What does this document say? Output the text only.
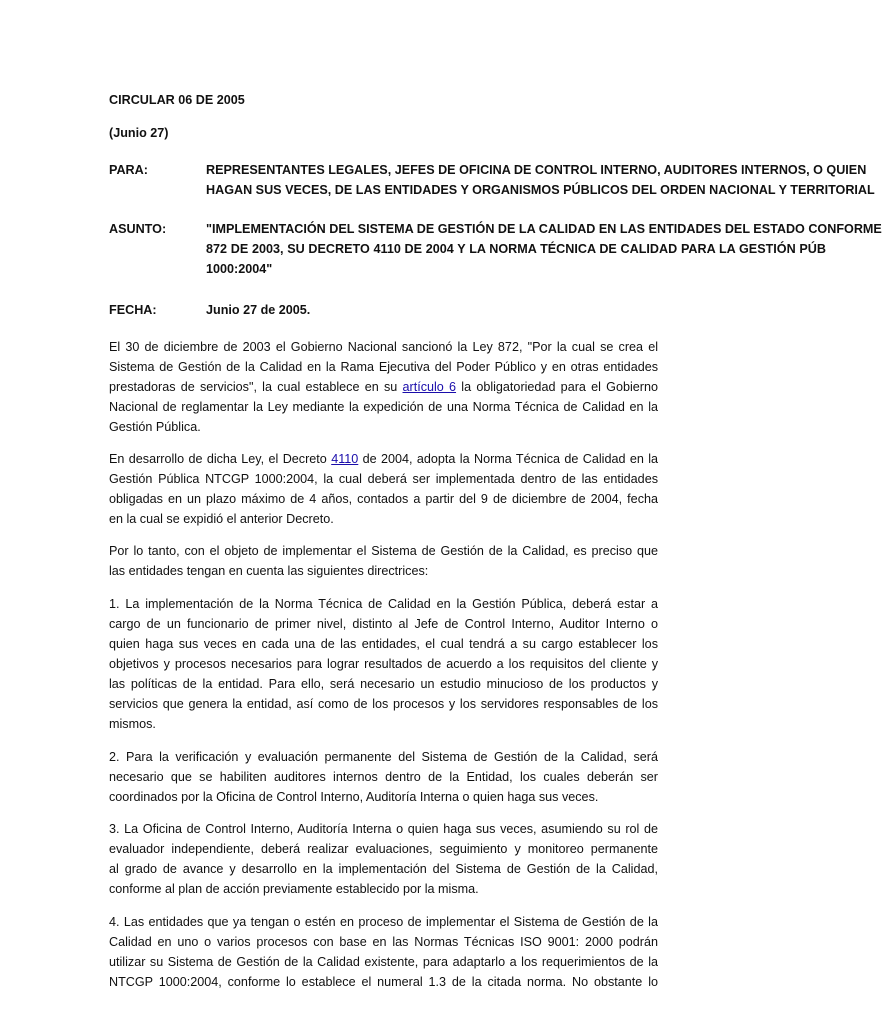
CIRCULAR 06 DE 2005
(Junio 27)
PARA:	REPRESENTANTES LEGALES, JEFES DE OFICINA DE CONTROL INTERNO, AUDITORES INTERNOS, O QUIEN
HAGAN SUS VECES, DE LAS ENTIDADES Y ORGANISMOS PÚBLICOS DEL ORDEN NACIONAL Y TERRITORIAL
ASUNTO:	"IMPLEMENTACIÓN DEL SISTEMA DE GESTIÓN DE LA CALIDAD EN LAS ENTIDADES DEL ESTADO CONFORME
872 DE 2003, SU DECRETO 4110 DE 2004 Y LA NORMA TÉCNICA DE CALIDAD PARA LA GESTIÓN PÚB
1000:2004"
FECHA:	Junio 27 de 2005.
El 30 de diciembre de 2003 el Gobierno Nacional sancionó la Ley 872, "Por la cual se crea el
Sistema de Gestión de la Calidad en la Rama Ejecutiva del Poder Público y en otras entidades
prestadoras de servicios", la cual establece en su artículo 6 la obligatoriedad para el Gobierno
Nacional de reglamentar la Ley mediante la expedición de una Norma Técnica de Calidad en la
Gestión Pública.
En desarrollo de dicha Ley, el Decreto 4110 de 2004, adopta la Norma Técnica de Calidad en la
Gestión Pública NTCGP 1000:2004, la cual deberá ser implementada dentro de las entidades
obligadas en un plazo máximo de 4 años, contados a partir del 9 de diciembre de 2004, fecha
en la cual se expidió el anterior Decreto.
Por lo tanto, con el objeto de implementar el Sistema de Gestión de la Calidad, es preciso que
las entidades tengan en cuenta las siguientes directrices:
1. La implementación de la Norma Técnica de Calidad en la Gestión Pública, deberá estar a
cargo de un funcionario de primer nivel, distinto al Jefe de Control Interno, Auditor Interno o
quien haga sus veces en cada una de las entidades, el cual tendrá a su cargo establecer los
objetivos y procesos necesarios para lograr resultados de acuerdo a los requisitos del cliente y
las políticas de la entidad. Para ello, será necesario un estudio minucioso de los productos y
servicios que genera la entidad, así como de los procesos y los servidores responsables de los
mismos.
2. Para la verificación y evaluación permanente del Sistema de Gestión de la Calidad, será
necesario que se habiliten auditores internos dentro de la Entidad, los cuales deberán ser
coordinados por la Oficina de Control Interno, Auditoría Interna o quien haga sus veces.
3. La Oficina de Control Interno, Auditoría Interna o quien haga sus veces, asumiendo su rol de
evaluador independiente, deberá realizar evaluaciones, seguimiento y monitoreo permanente
al grado de avance y desarrollo en la implementación del Sistema de Gestión de la Calidad,
conforme al plan de acción previamente establecido por la misma.
4. Las entidades que ya tengan o estén en proceso de implementar el Sistema de Gestión de la
Calidad en uno o varios procesos con base en las Normas Técnicas ISO 9001: 2000 podrán
utilizar su Sistema de Gestión de la Calidad existente, para adaptarlo a los requerimientos de la
NTCGP 1000:2004, conforme lo establece el numeral 1.3 de la citada norma. No obstante lo
